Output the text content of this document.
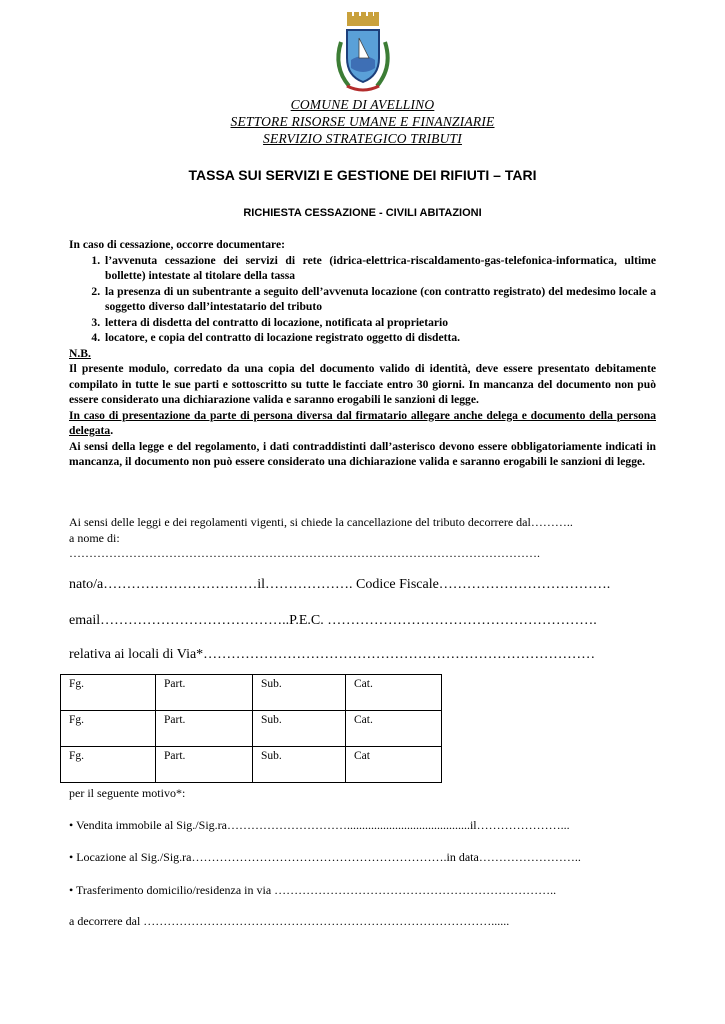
COMUNE DI AVELLINO
SETTORE RISORSE UMANE E FINANZIARIE
SERVIZIO STRATEGICO TRIBUTI
TASSA SUI SERVIZI E GESTIONE DEI RIFIUTI – TARI
RICHIESTA CESSAZIONE - CIVILI ABITAZIONI

In caso di cessazione, occorre documentare:

1. l’avvenuta cessazione dei servizi di rete (idrica-elettrica-riscaldamento-gas-telefonica-informatica, ultime bollette) intestate al titolare della tassa
2. la presenza di un subentrante a seguito dell’avvenuta locazione (con contratto registrato) del medesimo locale a soggetto diverso dall’intestatario del tributo
3. lettera di disdetta del contratto di locazione, notificata al proprietario
4. locatore, e copia del contratto di locazione registrato oggetto di disdetta.

N.B.

Il presente modulo, corredato da una copia del documento valido di identità, deve essere presentato debitamente compilato in tutte le sue parti e sottoscritto su tutte le facciate entro 30 giorni. In mancanza del documento non può essere considerato una dichiarazione valida e saranno erogabili le sanzioni di legge.

In caso di presentazione da parte di persona diversa dal firmatario allegare anche delega e documento della persona delegata.

Ai sensi della legge e del regolamento, i dati contraddistinti dall’asterisco devono essere obbligatoriamente indicati in mancanza, il documento non può essere considerato una dichiarazione valida e saranno erogabili le sanzioni di legge.

Ai sensi delle leggi e dei regolamenti vigenti, si chiede la cancellazione del tributo decorrere dal………..
a nome di:
……………………………………………………………………………………………………….
nato/a……………………………il………………. Codice Fiscale……………………………….
email…………………………………..P.E.C. ………………………………………………….
relativa ai locali di Via*…………………………………………………………………………
Fg.	Part.	Sub.	Cat.
Fg.	Part.	Sub.	Cat.
Fg.	Part.	Sub.	Cat
per il seguente motivo*:
• Vendita immobile al Sig./Sig.ra………………………….........................................il…………………...
• Locazione al Sig./Sig.ra……………………………………………………….in data……………………..
• Trasferimento domicilio/residenza in via ……………………………………………………………..
a decorrere dal ……………………………………………………………………………......
